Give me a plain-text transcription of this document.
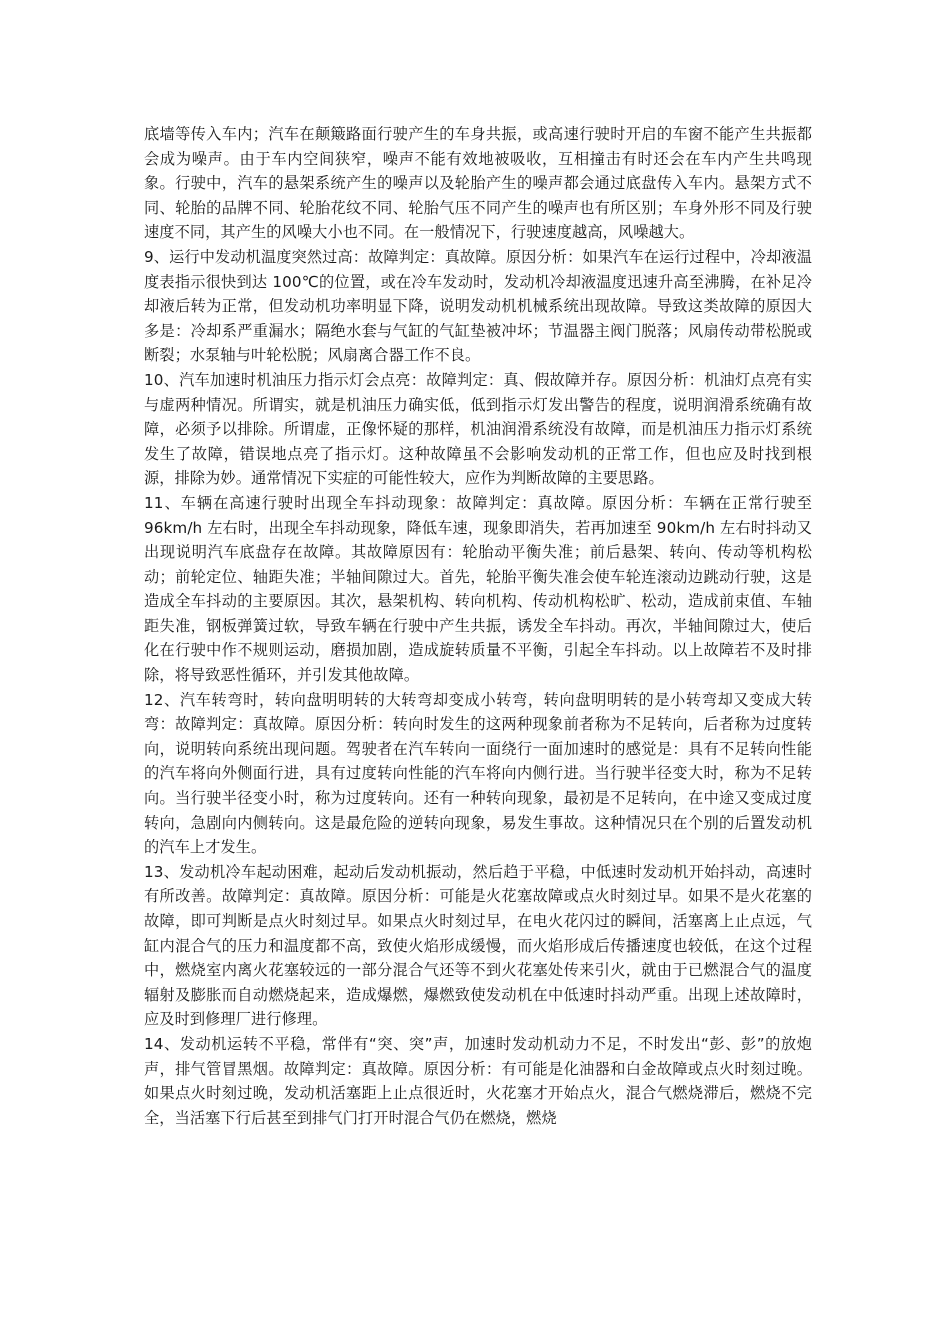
底墙等传入车内；汽车在颠簸路面行驶产生的车身共振，或高速行驶时开启的车窗不能产生共振都会成为噪声。由于车内空间狭窄，噪声不能有效地被吸收，互相撞击有时还会在车内产生共鸣现象。行驶中，汽车的悬架系统产生的噪声以及轮胎产生的噪声都会通过底盘传入车内。悬架方式不同、轮胎的品牌不同、轮胎花纹不同、轮胎气压不同产生的噪声也有所区别；车身外形不同及行驶速度不同，其产生的风噪大小也不同。在一般情况下，行驶速度越高，风噪越大。

9、运行中发动机温度突然过高：故障判定：真故障。原因分析：如果汽车在运行过程中，冷却液温度表指示很快到达 100℃的位置，或在冷车发动时，发动机冷却液温度迅速升高至沸腾，在补足冷却液后转为正常，但发动机功率明显下降，说明发动机机械系统出现故障。导致这类故障的原因大多是：冷却系严重漏水；隔绝水套与气缸的气缸垫被冲坏；节温器主阀门脱落；风扇传动带松脱或断裂；水泵轴与叶轮松脱；风扇离合器工作不良。

10、汽车加速时机油压力指示灯会点亮：故障判定：真、假故障并存。原因分析：机油灯点亮有实与虚两种情况。所谓实，就是机油压力确实低，低到指示灯发出警告的程度，说明润滑系统确有故障，必须予以排除。所谓虚，正像怀疑的那样，机油润滑系统没有故障，而是机油压力指示灯系统发生了故障，错误地点亮了指示灯。这种故障虽不会影响发动机的正常工作，但也应及时找到根源，排除为妙。通常情况下实症的可能性较大，应作为判断故障的主要思路。

11、车辆在高速行驶时出现全车抖动现象：故障判定：真故障。原因分析：车辆在正常行驶至 96km/h 左右时，出现全车抖动现象，降低车速，现象即消失，若再加速至 90km/h 左右时抖动又出现说明汽车底盘存在故障。其故障原因有：轮胎动平衡失准；前后悬架、转向、传动等机构松动；前轮定位、轴距失准；半轴间隙过大。首先，轮胎平衡失准会使车轮连滚动边跳动行驶，这是造成全车抖动的主要原因。其次，悬架机构、转向机构、传动机构松旷、松动，造成前束值、车轴距失准，钢板弹簧过软，导致车辆在行驶中产生共振，诱发全车抖动。再次，半轴间隙过大，使后化在行驶中作不规则运动，磨损加剧，造成旋转质量不平衡，引起全车抖动。以上故障若不及时排除，将导致恶性循环，并引发其他故障。

12、汽车转弯时，转向盘明明转的大转弯却变成小转弯，转向盘明明转的是小转弯却又变成大转弯：故障判定：真故障。原因分析：转向时发生的这两种现象前者称为不足转向，后者称为过度转向，说明转向系统出现问题。驾驶者在汽车转向一面绕行一面加速时的感觉是：具有不足转向性能的汽车将向外侧面行进，具有过度转向性能的汽车将向内侧行进。当行驶半径变大时，称为不足转向。当行驶半径变小时，称为过度转向。还有一种转向现象，最初是不足转向，在中途又变成过度转向，急剧向内侧转向。这是最危险的逆转向现象，易发生事故。这种情况只在个别的后置发动机的汽车上才发生。

13、发动机冷车起动困难，起动后发动机振动，然后趋于平稳，中低速时发动机开始抖动，高速时有所改善。故障判定：真故障。原因分析：可能是火花塞故障或点火时刻过早。如果不是火花塞的故障，即可判断是点火时刻过早。如果点火时刻过早，在电火花闪过的瞬间，活塞离上止点远，气缸内混合气的压力和温度都不高，致使火焰形成缓慢，而火焰形成后传播速度也较低，在这个过程中，燃烧室内离火花塞较远的一部分混合气还等不到火花塞处传来引火，就由于已燃混合气的温度辐射及膨胀而自动燃烧起来，造成爆燃，爆燃致使发动机在中低速时抖动严重。出现上述故障时，应及时到修理厂进行修理。

14、发动机运转不平稳，常伴有“突、突”声，加速时发动机动力不足，不时发出“彭、彭”的放炮声，排气管冒黑烟。故障判定：真故障。原因分析：有可能是化油器和白金故障或点火时刻过晚。如果点火时刻过晚，发动机活塞距上止点很近时，火花塞才开始点火，混合气燃烧滞后，燃烧不完全，当活塞下行后甚至到排气门打开时混合气仍在燃烧，燃烧
